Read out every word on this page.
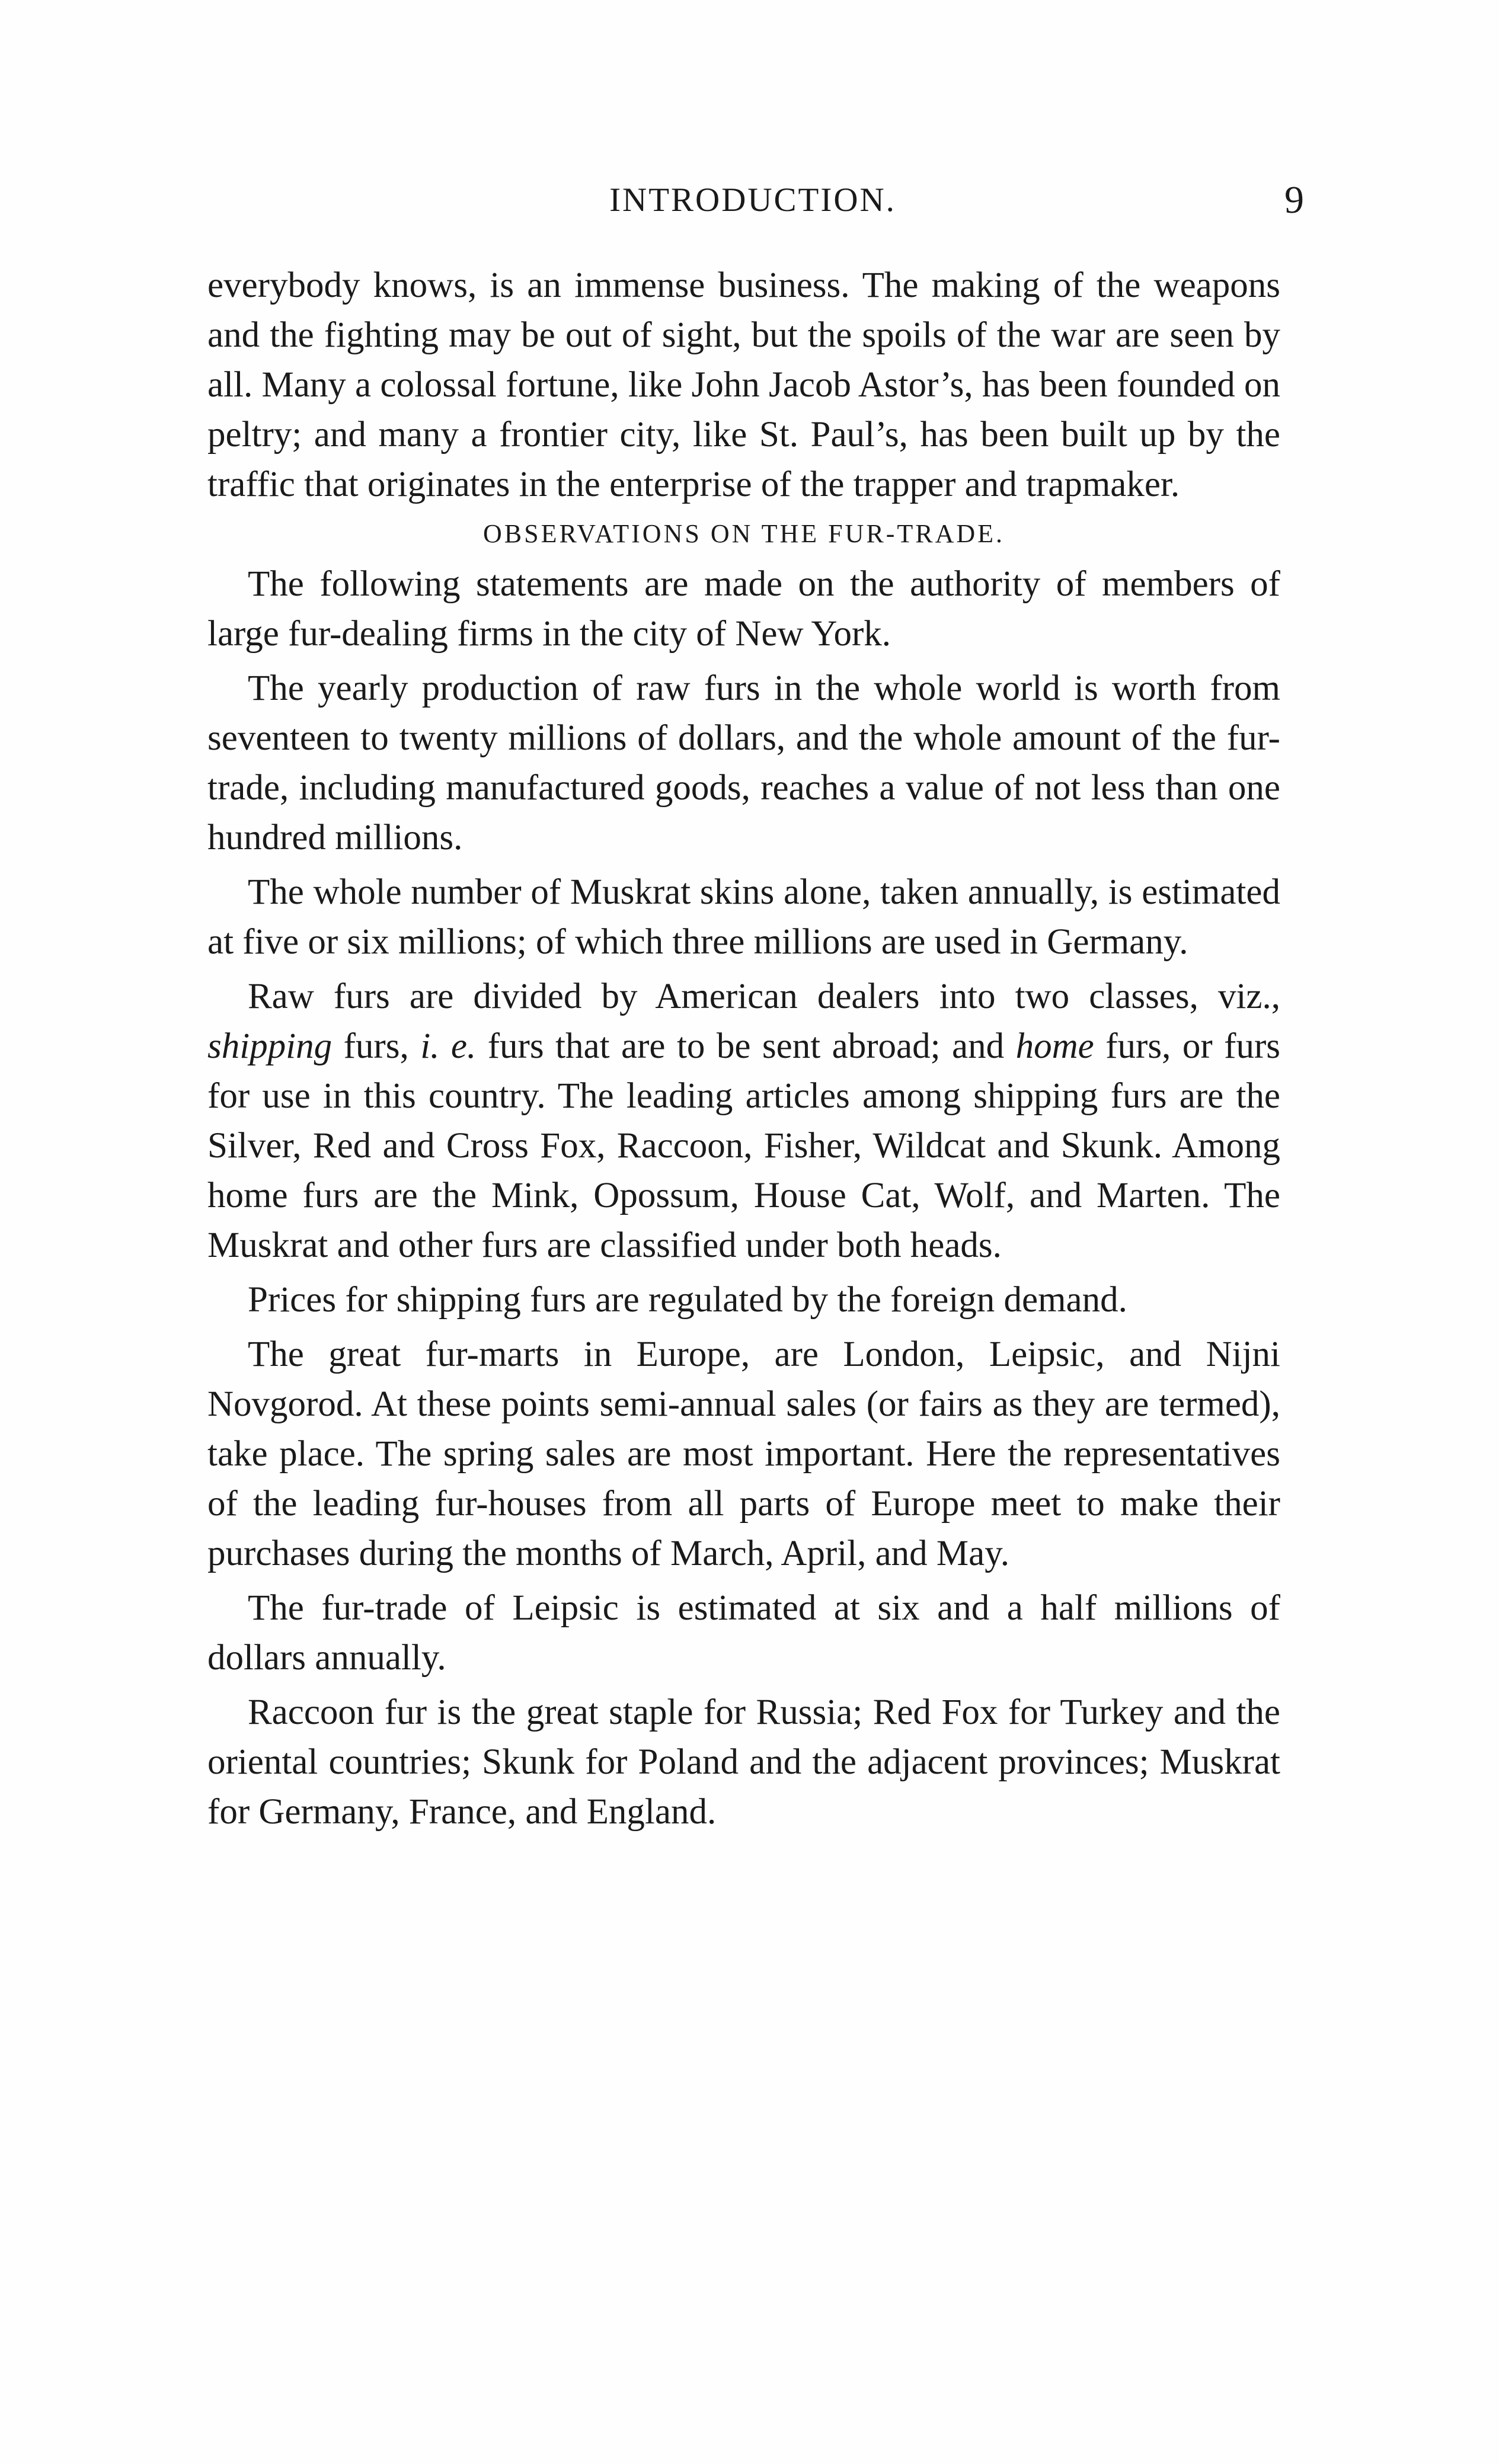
INTRODUCTION.	9

everybody knows, is an immense business. The making of the weapons and the fighting may be out of sight, but the spoils of the war are seen by all. Many a colossal fortune, like John Jacob Astor’s, has been founded on peltry; and many a frontier city, like St. Paul’s, has been built up by the traffic that originates in the enterprise of the trapper and trapmaker.

OBSERVATIONS ON THE FUR-TRADE.

The following statements are made on the authority of members of large fur-dealing firms in the city of New York.

The yearly production of raw furs in the whole world is worth from seventeen to twenty millions of dollars, and the whole amount of the fur-trade, including manufactured goods, reaches a value of not less than one hundred millions.

The whole number of Muskrat skins alone, taken annually, is estimated at five or six millions; of which three millions are used in Germany.

Raw furs are divided by American dealers into two classes, viz., shipping furs, i. e. furs that are to be sent abroad; and home furs, or furs for use in this country. The leading articles among shipping furs are the Silver, Red and Cross Fox, Raccoon, Fisher, Wildcat and Skunk. Among home furs are the Mink, Opossum, House Cat, Wolf, and Marten. The Muskrat and other furs are classified under both heads.

Prices for shipping furs are regulated by the foreign demand.

The great fur-marts in Europe, are London, Leipsic, and Nijni Novgorod. At these points semi-annual sales (or fairs as they are termed), take place. The spring sales are most important. Here the representatives of the leading fur-houses from all parts of Europe meet to make their purchases during the months of March, April, and May.

The fur-trade of Leipsic is estimated at six and a half millions of dollars annually.

Raccoon fur is the great staple for Russia; Red Fox for Turkey and the oriental countries; Skunk for Poland and the adjacent provinces; Muskrat for Germany, France, and England.
